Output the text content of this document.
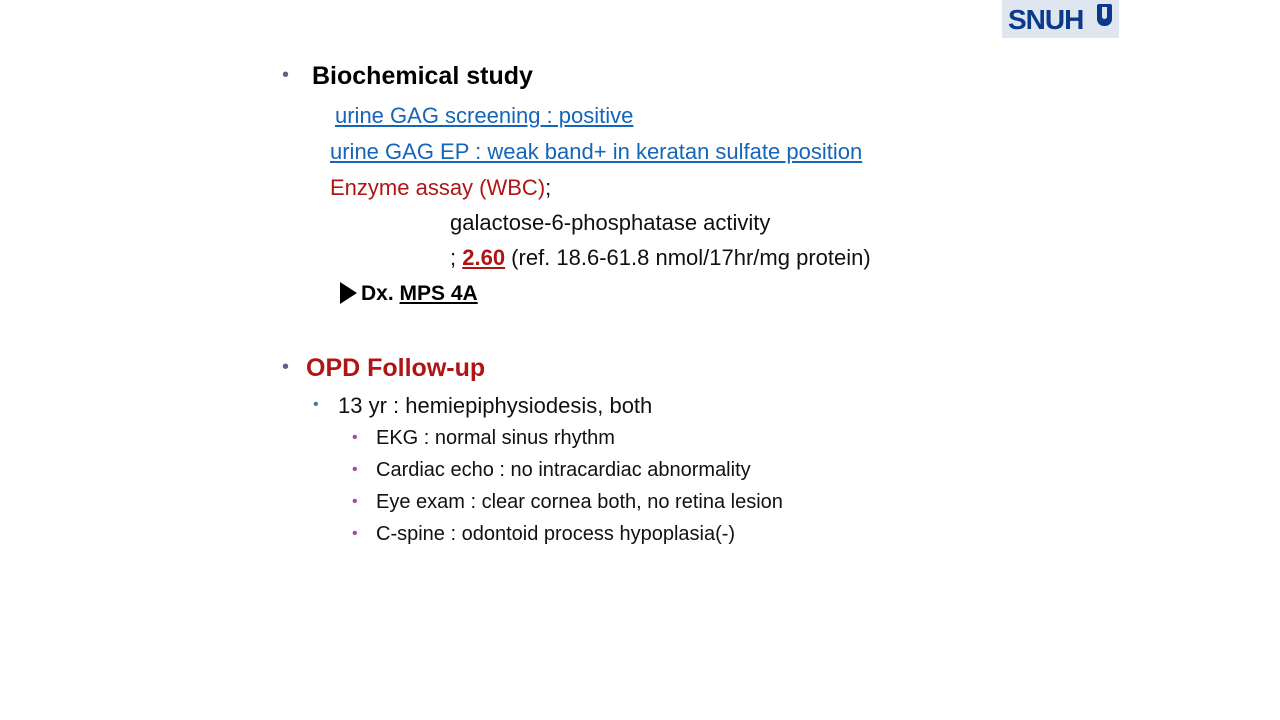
SNUH
• Biochemical study
urine GAG screening : positive
urine GAG EP : weak band+ in keratan sulfate position
Enzyme assay (WBC);
galactose-6-phosphatase activity
; 2.60 (ref. 18.6-61.8 nmol/17hr/mg protein)
Dx. MPS 4A
• OPD Follow-up
• 13 yr : hemiepiphysiodesis, both
• EKG : normal sinus rhythm
• Cardiac echo : no intracardiac abnormality
• Eye exam : clear cornea both, no retina lesion
• C-spine : odontoid process hypoplasia(-)
